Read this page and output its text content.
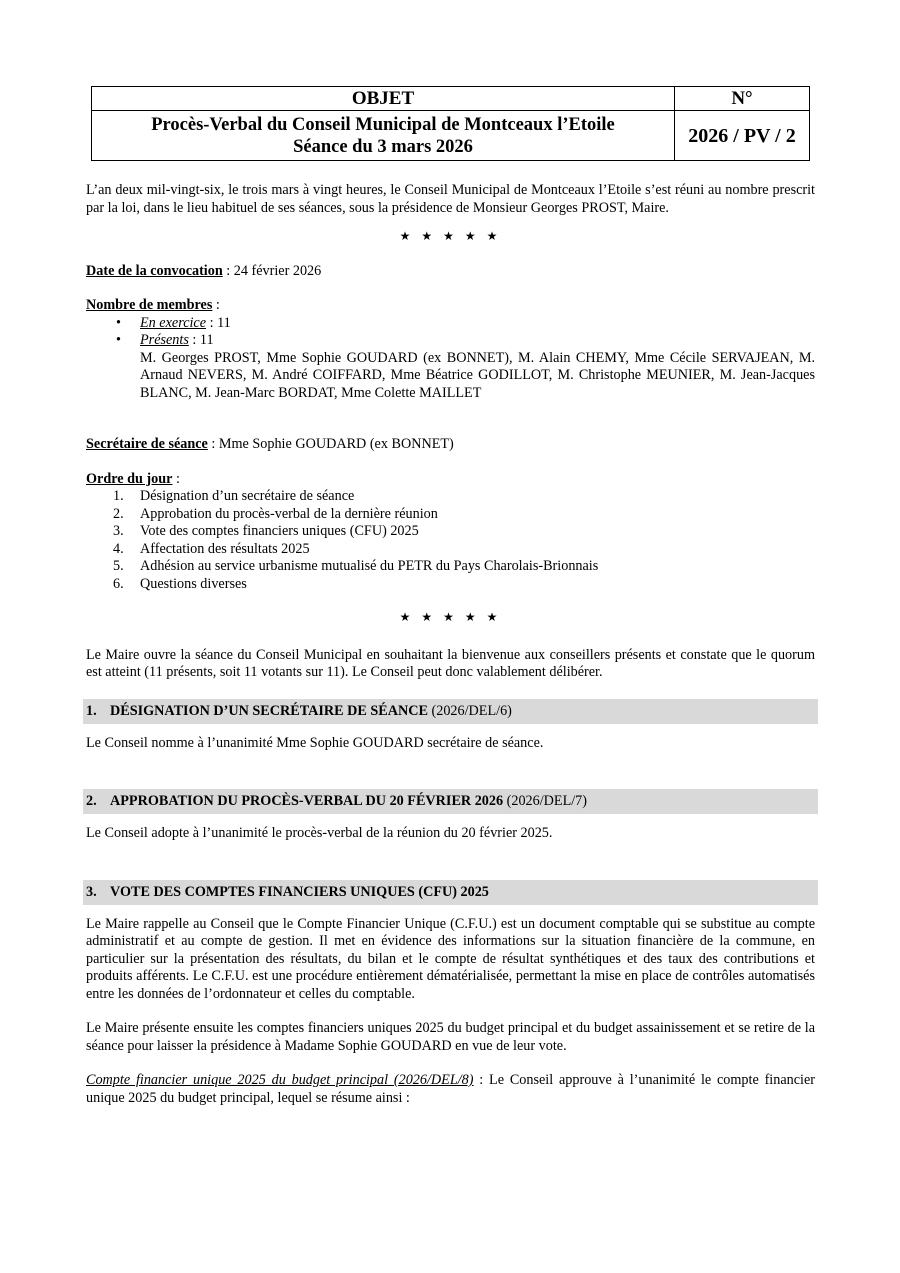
OBJET	N°

Procès-Verbal du Conseil Municipal de Montceaux l’Etoile
Séance du 3 mars 2026	2026 / PV / 2

L’an deux mil-vingt-six, le trois mars à vingt heures, le Conseil Municipal de Montceaux l’Etoile s’est réuni au nombre prescrit par la loi, dans le lieu habituel de ses séances, sous la présidence de Monsieur Georges PROST, Maire.

★ ★ ★ ★ ★

Date de la convocation : 24 février 2026

Nombre de membres :

• En exercice : 11
• Présents : 11
M. Georges PROST, Mme Sophie GOUDARD (ex BONNET), M. Alain CHEMY, Mme Cécile SERVAJEAN, M. Arnaud NEVERS, M. André COIFFARD, Mme Béatrice GODILLOT, M. Christophe MEUNIER, M. Jean-Jacques BLANC, M. Jean-Marc BORDAT, Mme Colette MAILLET

Secrétaire de séance : Mme Sophie GOUDARD (ex BONNET)

Ordre du jour :

1. Désignation d’un secrétaire de séance
2. Approbation du procès-verbal de la dernière réunion
3. Vote des comptes financiers uniques (CFU) 2025
4. Affectation des résultats 2025
5. Adhésion au service urbanisme mutualisé du PETR du Pays Charolais-Brionnais
6. Questions diverses
★ ★ ★ ★ ★

Le Maire ouvre la séance du Conseil Municipal en souhaitant la bienvenue aux conseillers présents et constate que le quorum est atteint (11 présents, soit 11 votants sur 11). Le Conseil peut donc valablement délibérer.

1. DÉSIGNATION D’UN SECRÉTAIRE DE SÉANCE (2026/DEL/6)

Le Conseil nomme à l’unanimité Mme Sophie GOUDARD secrétaire de séance.

2. APPROBATION DU PROCÈS-VERBAL DU 20 FÉVRIER 2026 (2026/DEL/7)

Le Conseil adopte à l’unanimité le procès-verbal de la réunion du 20 février 2025.

3. VOTE DES COMPTES FINANCIERS UNIQUES (CFU) 2025

Le Maire rappelle au Conseil que le Compte Financier Unique (C.F.U.) est un document comptable qui se substitue au compte administratif et au compte de gestion. Il met en évidence des informations sur la situation financière de la commune, en particulier sur la présentation des résultats, du bilan et le compte de résultat synthétiques et des taux des contributions et produits afférents. Le C.F.U. est une procédure entièrement dématérialisée, permettant la mise en place de contrôles automatisés entre les données de l’ordonnateur et celles du comptable.

Le Maire présente ensuite les comptes financiers uniques 2025 du budget principal et du budget assainissement et se retire de la séance pour laisser la présidence à Madame Sophie GOUDARD en vue de leur vote.

Compte financier unique 2025 du budget principal (2026/DEL/8) : Le Conseil approuve à l’unanimité le compte financier unique 2025 du budget principal, lequel se résume ainsi :
